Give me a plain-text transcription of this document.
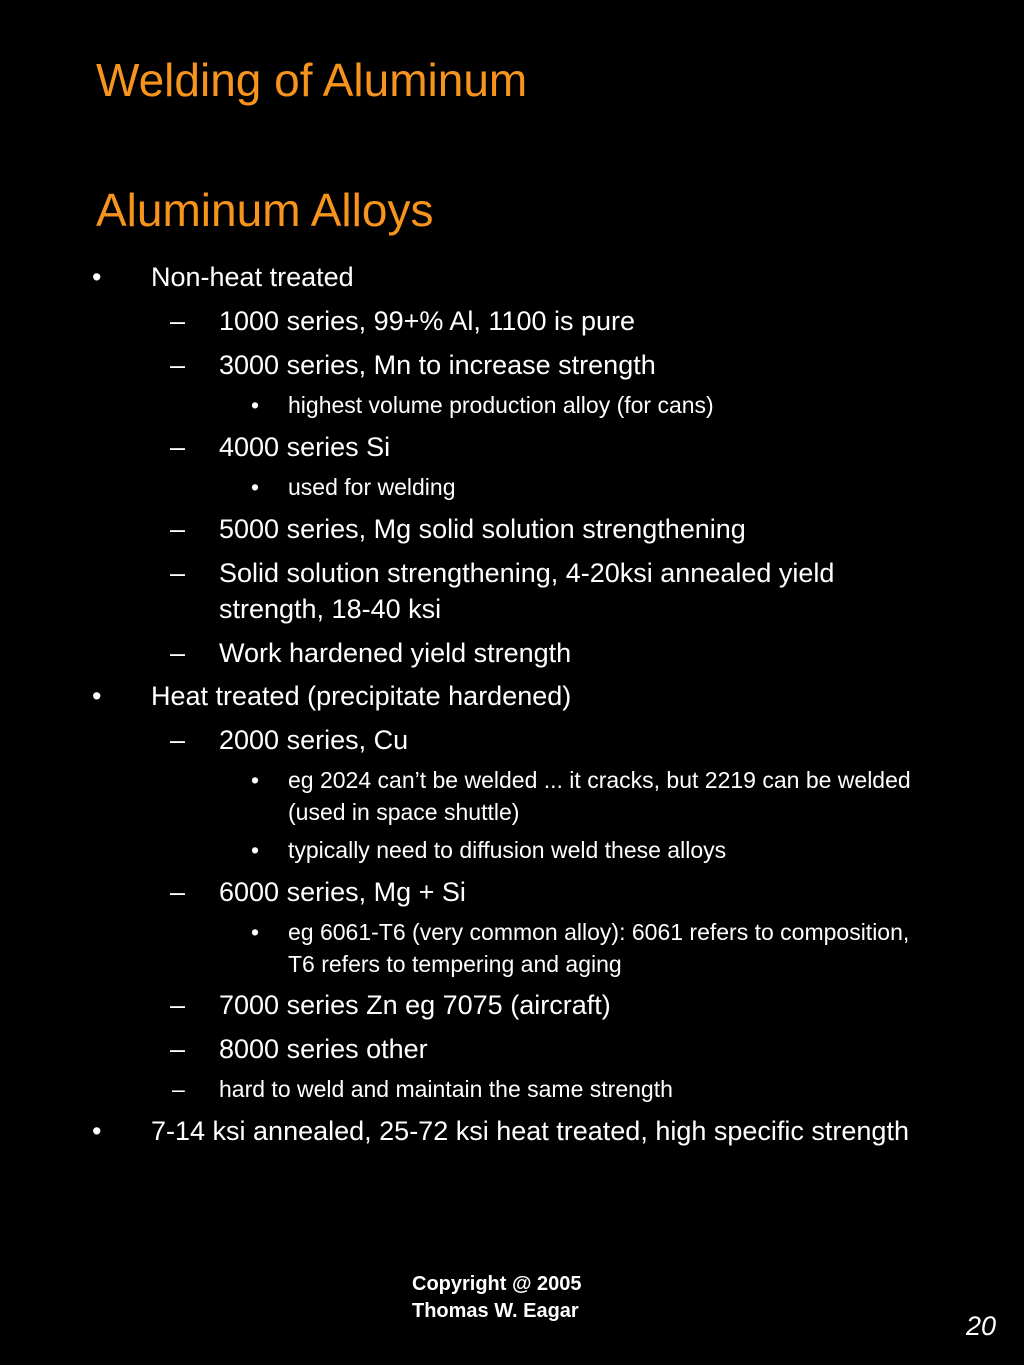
Welding of Aluminum
Aluminum Alloys
• Non-heat treated
– 1000 series, 99+% Al, 1100 is pure
– 3000 series, Mn to increase strength
• highest volume production alloy (for cans)
– 4000 series Si
• used for welding
– 5000 series, Mg solid solution strengthening
– Solid solution strengthening, 4-20ksi annealed yield
strength, 18-40 ksi
– Work hardened yield strength
• Heat treated (precipitate hardened)
– 2000 series, Cu
• eg 2024 can’t be welded ... it cracks, but 2219 can be welded
(used in space shuttle)
• typically need to diffusion weld these alloys
– 6000 series, Mg + Si
• eg 6061-T6 (very common alloy): 6061 refers to composition,
T6 refers to tempering and aging
– 7000 series Zn eg 7075 (aircraft)
– 8000 series other
– hard to weld and maintain the same strength
• 7-14 ksi annealed, 25-72 ksi heat treated, high specific strength
Copyright @ 2005
Thomas W. Eagar	20
